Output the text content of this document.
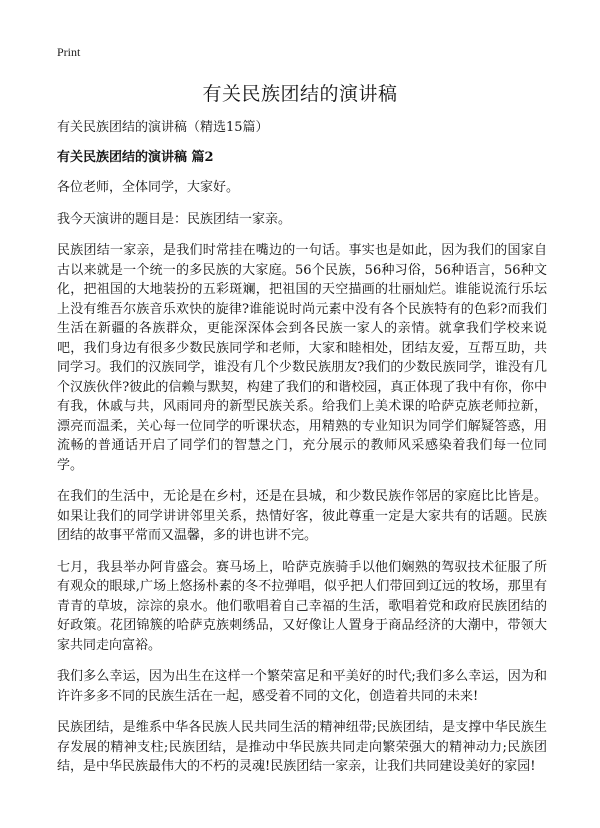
Print
有关民族团结的演讲稿

有关民族团结的演讲稿（精选15篇）

有关民族团结的演讲稿 篇2

各位老师，全体同学，大家好。

我今天演讲的题目是：民族团结一家亲。

民族团结一家亲，是我们时常挂在嘴边的一句话。事实也是如此，因为我们的国家自古以来就是一个统一的多民族的大家庭。56个民族，56种习俗，56种语言，56种文化，把祖国的大地装扮的五彩斑斓，把祖国的天空描画的壮丽灿烂。谁能说流行乐坛上没有维吾尔族音乐欢快的旋律?谁能说时尚元素中没有各个民族特有的色彩?而我们生活在新疆的各族群众，更能深深体会到各民族一家人的亲情。就拿我们学校来说吧，我们身边有很多少数民族同学和老师，大家和睦相处，团结友爱，互帮互助，共同学习。我们的汉族同学，谁没有几个少数民族朋友?我们的少数民族同学，谁没有几个汉族伙伴?彼此的信赖与默契，构建了我们的和谐校园，真正体现了我中有你，你中有我，休戚与共，风雨同舟的新型民族关系。给我们上美术课的哈萨克族老师拉新，漂亮而温柔，关心每一位同学的听课状态，用精熟的专业知识为同学们解疑答惑，用流畅的普通话开启了同学们的智慧之门，充分展示的教师风采感染着我们每一位同学。

在我们的生活中，无论是在乡村，还是在县城，和少数民族作邻居的家庭比比皆是。如果让我们的同学讲讲邻里关系，热情好客，彼此尊重一定是大家共有的话题。民族团结的故事平常而又温馨，多的讲也讲不完。

七月，我县举办阿肯盛会。赛马场上，哈萨克族骑手以他们娴熟的驾驭技术征服了所有观众的眼球,广场上悠扬朴素的冬不拉弹唱，似乎把人们带回到辽远的牧场，那里有青青的草坡，淙淙的泉水。他们歌唱着自己幸福的生活，歌唱着党和政府民族团结的好政策。花团锦簇的哈萨克族刺绣品，又好像让人置身于商品经济的大潮中，带领大家共同走向富裕。

我们多么幸运，因为出生在这样一个繁荣富足和平美好的时代;我们多么幸运，因为和许许多多不同的民族生活在一起，感受着不同的文化，创造着共同的未来!

民族团结，是维系中华各民族人民共同生活的精神纽带;民族团结，是支撑中华民族生存发展的精神支柱;民族团结，是推动中华民族共同走向繁荣强大的精神动力;民族团结，是中华民族最伟大的不朽的灵魂!民族团结一家亲，让我们共同建设美好的家园!
